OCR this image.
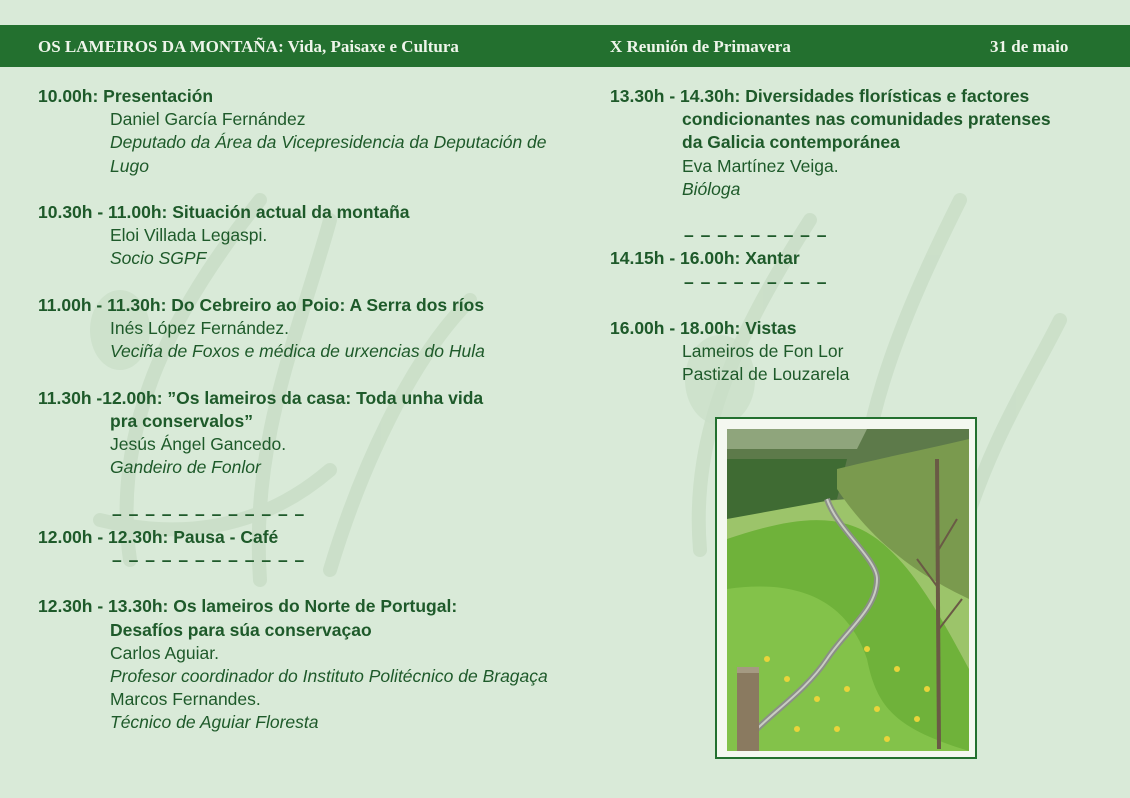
OS LAMEIROS DA MONTAÑA: Vida, Paisaxe e Cultura	X Reunión de Primavera	31 de maio
10.00h: Presentación
Daniel García Fernández
Deputado da Área da Vicepresidencia da Deputación de Lugo
10.30h - 11.00h: Situación actual da montaña
Eloi Villada Legaspi.
Socio SGPF
11.00h - 11.30h: Do Cebreiro ao Poio: A Serra dos ríos
Inés López Fernández.
Veciña de Foxos e médica de urxencias do Hula
11.30h -12.00h: ”Os lameiros da casa: Toda unha vida
pra conservalos”
Jesús Ángel Gancedo.
Gandeiro de Fonlor
– – – – – – – – – – – –
12.00h - 12.30h: Pausa - Café
– – – – – – – – – – – –
12.30h - 13.30h: Os lameiros do Norte de Portugal:
Desafíos para súa conservaçao
Carlos Aguiar.
Profesor coordinador do Instituto Politécnico de Bragaça
Marcos Fernandes.
Técnico de Aguiar Floresta
13.30h - 14.30h: Diversidades florísticas e factores
condicionantes nas comunidades pratenses
da Galicia contemporánea
Eva Martínez Veiga.
Bióloga
– – – – – – – – –
14.15h - 16.00h: Xantar
– – – – – – – – –
16.00h - 18.00h: Vistas
Lameiros de Fon Lor
Pastizal de Louzarela
